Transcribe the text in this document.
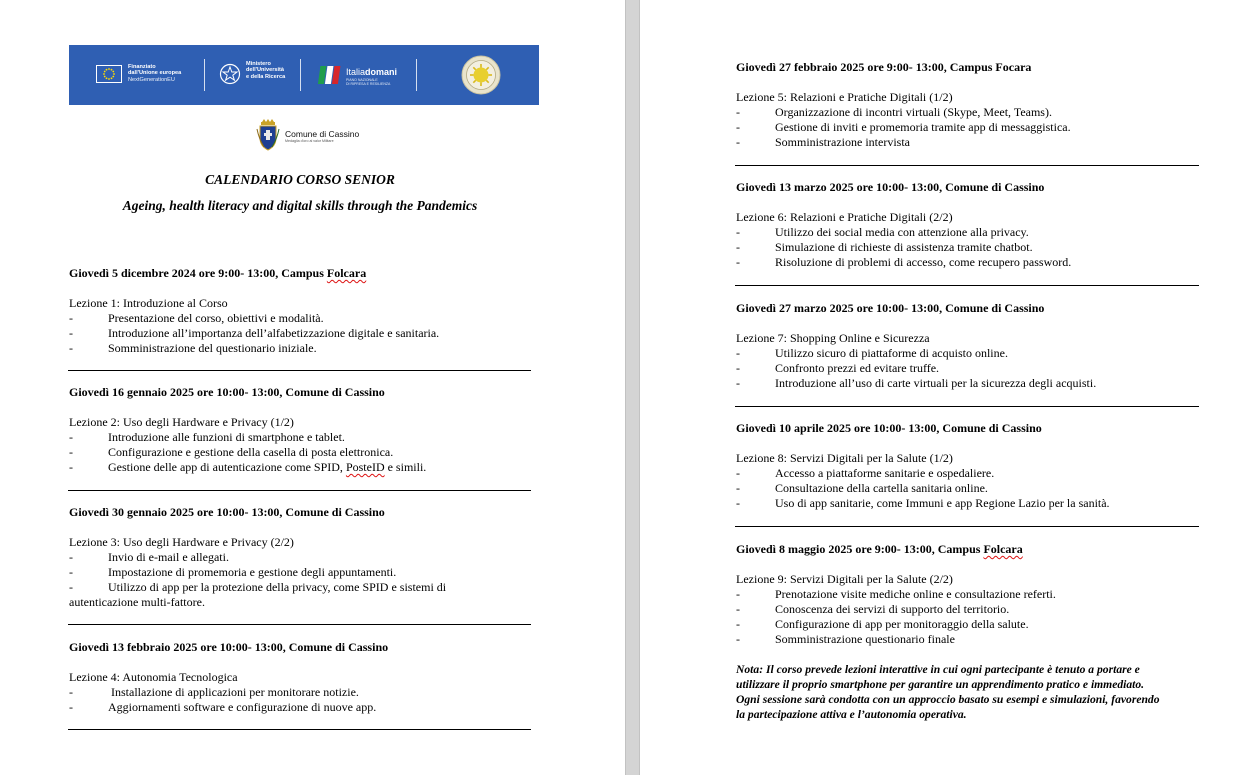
Finanziato
dall'Unione europea
NextGenerationEU
Ministero
dell'Università
e della Ricerca	Italiadomani
PIANO NAZIONALE
DI RIPRESA E RESILIENZA
Comune di Cassino
Medaglia d'oro al valor Militare
CALENDARIO CORSO SENIOR
Ageing, health literacy and digital skills through the Pandemics
Giovedì 5 dicembre 2024 ore 9:00- 13:00, Campus Folcara
Lezione 1: Introduzione al Corso
-	Presentazione del corso, obiettivi e modalità.
-	Introduzione all’importanza dell’alfabetizzazione digitale e sanitaria.
-	Somministrazione del questionario iniziale.
Giovedì 16 gennaio 2025 ore 10:00- 13:00, Comune di Cassino
Lezione 2: Uso degli Hardware e Privacy (1/2)
-	Introduzione alle funzioni di smartphone e tablet.
-	Configurazione e gestione della casella di posta elettronica.
-	Gestione delle app di autenticazione come SPID, PosteID e simili.
Giovedì 30 gennaio 2025 ore 10:00- 13:00, Comune di Cassino
Lezione 3: Uso degli Hardware e Privacy (2/2)
-	Invio di e-mail e allegati.
-	Impostazione di promemoria e gestione degli appuntamenti.
-	Utilizzo di app per la protezione della privacy, come SPID e sistemi di
autenticazione multi-fattore.
Giovedì 13 febbraio 2025 ore 10:00- 13:00, Comune di Cassino
Lezione 4: Autonomia Tecnologica
-	Installazione di applicazioni per monitorare notizie.
-	Aggiornamenti software e configurazione di nuove app.
Giovedì 27 febbraio 2025 ore 9:00- 13:00, Campus Focara
Lezione 5: Relazioni e Pratiche Digitali (1/2)
-	Organizzazione di incontri virtuali (Skype, Meet, Teams).
-	Gestione di inviti e promemoria tramite app di messaggistica.
-	Somministrazione intervista
Giovedì 13 marzo 2025 ore 10:00- 13:00, Comune di Cassino
Lezione 6: Relazioni e Pratiche Digitali (2/2)
-	Utilizzo dei social media con attenzione alla privacy.
-	Simulazione di richieste di assistenza tramite chatbot.
-	Risoluzione di problemi di accesso, come recupero password.
Giovedì 27 marzo 2025 ore 10:00- 13:00, Comune di Cassino
Lezione 7: Shopping Online e Sicurezza
-	Utilizzo sicuro di piattaforme di acquisto online.
-	Confronto prezzi ed evitare truffe.
-	Introduzione all’uso di carte virtuali per la sicurezza degli acquisti.
Giovedì 10 aprile 2025 ore 10:00- 13:00, Comune di Cassino
Lezione 8: Servizi Digitali per la Salute (1/2)
-	Accesso a piattaforme sanitarie e ospedaliere.
-	Consultazione della cartella sanitaria online.
-	Uso di app sanitarie, come Immuni e app Regione Lazio per la sanità.
Giovedì 8 maggio 2025 ore 9:00- 13:00, Campus Folcara
Lezione 9: Servizi Digitali per la Salute (2/2)
-	Prenotazione visite mediche online e consultazione referti.
-	Conoscenza dei servizi di supporto del territorio.
-	Configurazione di app per monitoraggio della salute.
-	Somministrazione questionario finale
Nota: Il corso prevede lezioni interattive in cui ogni partecipante è tenuto a portare e
utilizzare il proprio smartphone per garantire un apprendimento pratico e immediato.
Ogni sessione sarà condotta con un approccio basato su esempi e simulazioni, favorendo
la partecipazione attiva e l’autonomia operativa.
